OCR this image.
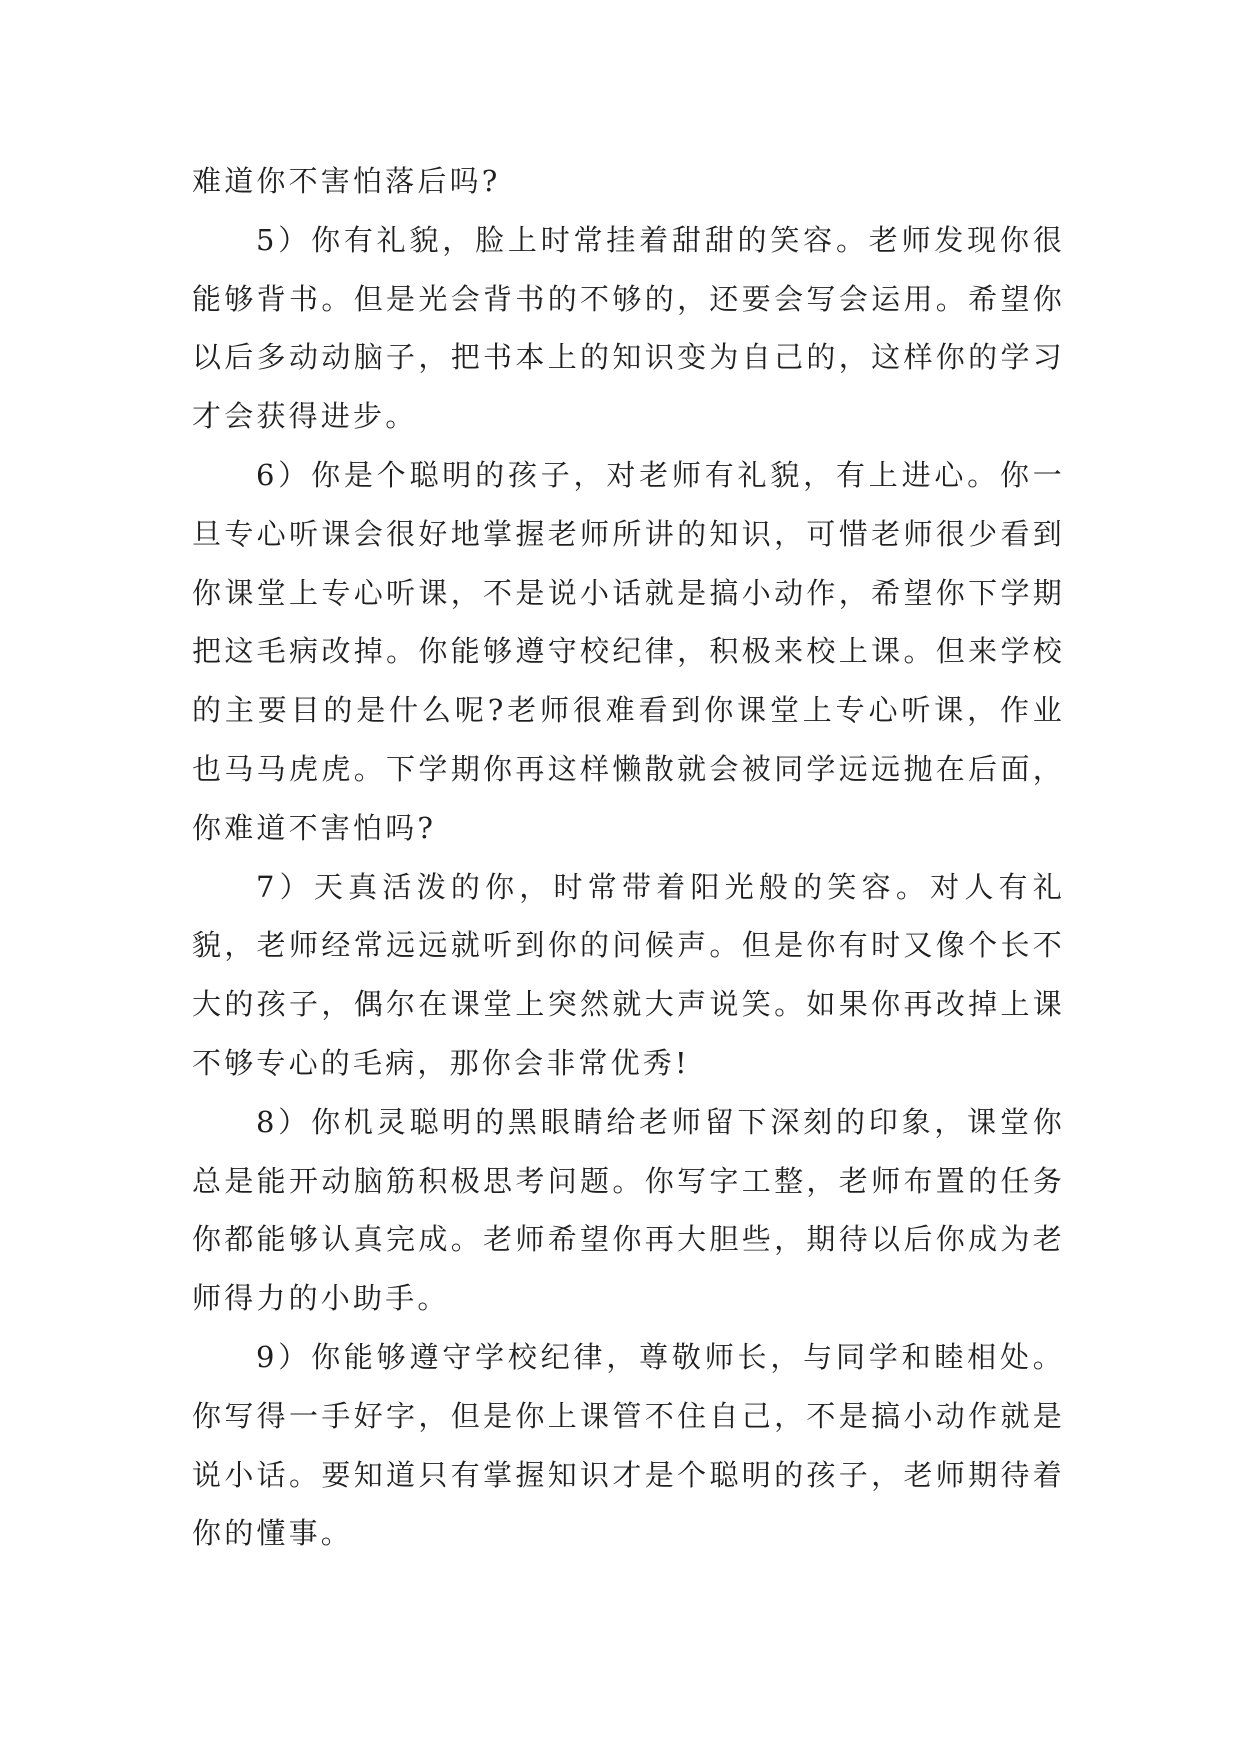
难道你不害怕落后吗?

5）你有礼貌，脸上时常挂着甜甜的笑容。老师发现你很能够背书。但是光会背书的不够的，还要会写会运用。希望你以后多动动脑子，把书本上的知识变为自己的，这样你的学习才会获得进步。

6）你是个聪明的孩子，对老师有礼貌，有上进心。你一旦专心听课会很好地掌握老师所讲的知识，可惜老师很少看到你课堂上专心听课，不是说小话就是搞小动作，希望你下学期把这毛病改掉。你能够遵守校纪律，积极来校上课。但来学校的主要目的是什么呢?老师很难看到你课堂上专心听课，作业也马马虎虎。下学期你再这样懒散就会被同学远远抛在后面，你难道不害怕吗?

7）天真活泼的你，时常带着阳光般的笑容。对人有礼貌，老师经常远远就听到你的问候声。但是你有时又像个长不大的孩子，偶尔在课堂上突然就大声说笑。如果你再改掉上课不够专心的毛病，那你会非常优秀!

8）你机灵聪明的黑眼睛给老师留下深刻的印象，课堂你总是能开动脑筋积极思考问题。你写字工整，老师布置的任务你都能够认真完成。老师希望你再大胆些，期待以后你成为老师得力的小助手。

9）你能够遵守学校纪律，尊敬师长，与同学和睦相处。你写得一手好字，但是你上课管不住自己，不是搞小动作就是说小话。要知道只有掌握知识才是个聪明的孩子，老师期待着你的懂事。
